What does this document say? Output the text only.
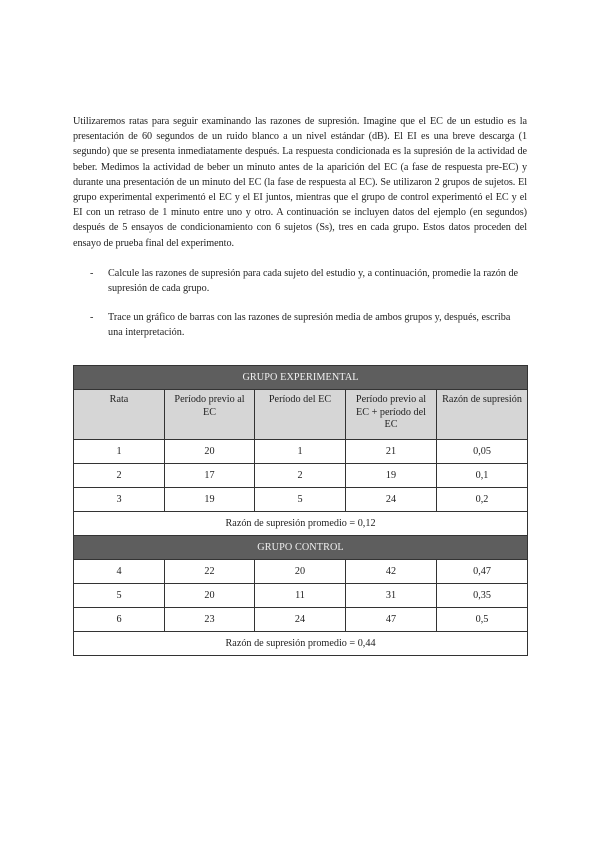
Utilizaremos ratas para seguir examinando las razones de supresión. Imagine que el EC de un estudio es la presentación de 60 segundos de un ruido blanco a un nivel estándar (dB). El EI es una breve descarga (1 segundo) que se presenta inmediatamente después. La respuesta condicionada es la supresión de la actividad de beber. Medimos la actividad de beber un minuto antes de la aparición del EC (a fase de respuesta pre-EC) y durante una presentación de un minuto del EC (la fase de respuesta al EC). Se utilizaron 2 grupos de sujetos. El grupo experimental experimentó el EC y el EI juntos, mientras que el grupo de control experimentó el EC y el EI con un retraso de 1 minuto entre uno y otro. A continuación se incluyen datos del ejemplo (en segundos) después de 5 ensayos de condicionamiento con 6 sujetos (Ss), tres en cada grupo. Estos datos proceden del ensayo de prueba final del experimento.

- Calcule las razones de supresión para cada sujeto del estudio y, a continuación, promedie la razón de supresión de cada grupo.
- Trace un gráfico de barras con las razones de supresión media de ambos grupos y, después, escriba una interpretación.
GRUPO EXPERIMENTAL				
Rata	Período previo al EC	Período del EC	Período previo al EC + período del EC	Razón de supresión
1	20	1	21	0,05
2	17	2	19	0,1
3	19	5	24	0,2
Razón de supresión promedio = 0,12				
GRUPO CONTROL				
4	22	20	42	0,47
5	20	11	31	0,35
6	23	24	47	0,5
Razón de supresión promedio = 0,44				
